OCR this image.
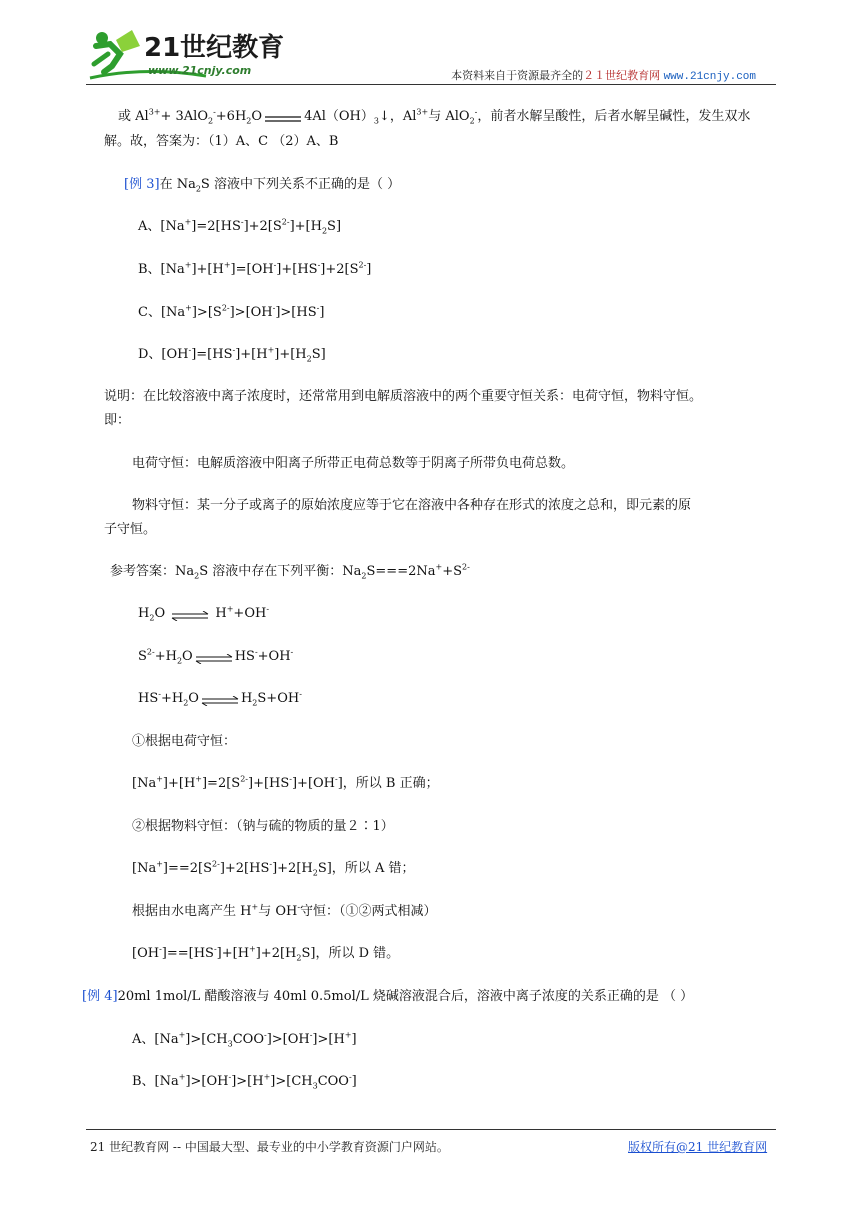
21世纪教育
www.21cnjy.com	本资料来自于资源最齐全的２１世纪教育网 www.21cnjy.com
或 $Al^{3+}+ 3AlO_2^-+6H_2O$	$4Al(OH)_3↓$，$Al^{3+}$与 AlO$_2$-，前者水解呈酸性，后者水解呈碱性，发生双水
解。故，答案为：（1）A、C （2）A、B
[例 3]在 $Na_2S$ 溶液中下列关系不正确的是（ ）
A、$[Na^+]=2[HS^-]+2[S^{2-}]+[H_2S]$
B、$[Na^+]+[H^+]=[OH^-]+[HS^-]+2[S^{2-}]$
C、$[Na^+]>[S^{2-}]>[OH^-]>[HS^-]$
D、$[OH^-]=[HS^-]+[H^+]+[H_2S]$
说明：在比较溶液中离子浓度时，还常常用到电解质溶液中的两个重要守恒关系：电荷守恒，物料守恒。
即：
电荷守恒：电解质溶液中阳离子所带正电荷总数等于阴离子所带负电荷总数。
物料守恒：某一分子或离子的原始浓度应等于它在溶液中各种存在形式的浓度之总和，即元素的原
子守恒。
参考答案：$Na_2S$ 溶液中存在下列平衡：$Na_2S===2Na^++S^{2-}$
$H_2O$	H++OH-
$S^{2-}+H_2O$	HS-+OH-
$HS^-+H_2O$	$H_2S+OH^-$
①根据电荷守恒：
$[Na^+]+[H^+]=2[S^{2-}]+[HS^-]+[OH^-]$，所以 B 正确；
②根据物料守恒：（钠与硫的物质的量２∶1）
$[Na^+]==2[S^{2-}]+2[HS^-]+2[H_2S]$，所以 A 错；
根据由水电离产生 H+与 OH-守恒：（①②两式相减）
$[OH^-]==[HS^-]+[H^+]+2[H_2S]$，所以 D 错。
[例 4]20ml 1mol/L 醋酸溶液与 40ml 0.5mol/L 烧碱溶液混合后，溶液中离子浓度的关系正确的是 （ ）
A、$[Na^+]>[CH_3COO^-]>[OH^-]>[H^+]$
B、$[Na^+]>[OH^-]>[H^+]>[CH_3COO^-]$
21 世纪教育网 -- 中国最大型、最专业的中小学教育资源门户网站。	版权所有@21 世纪教育网
